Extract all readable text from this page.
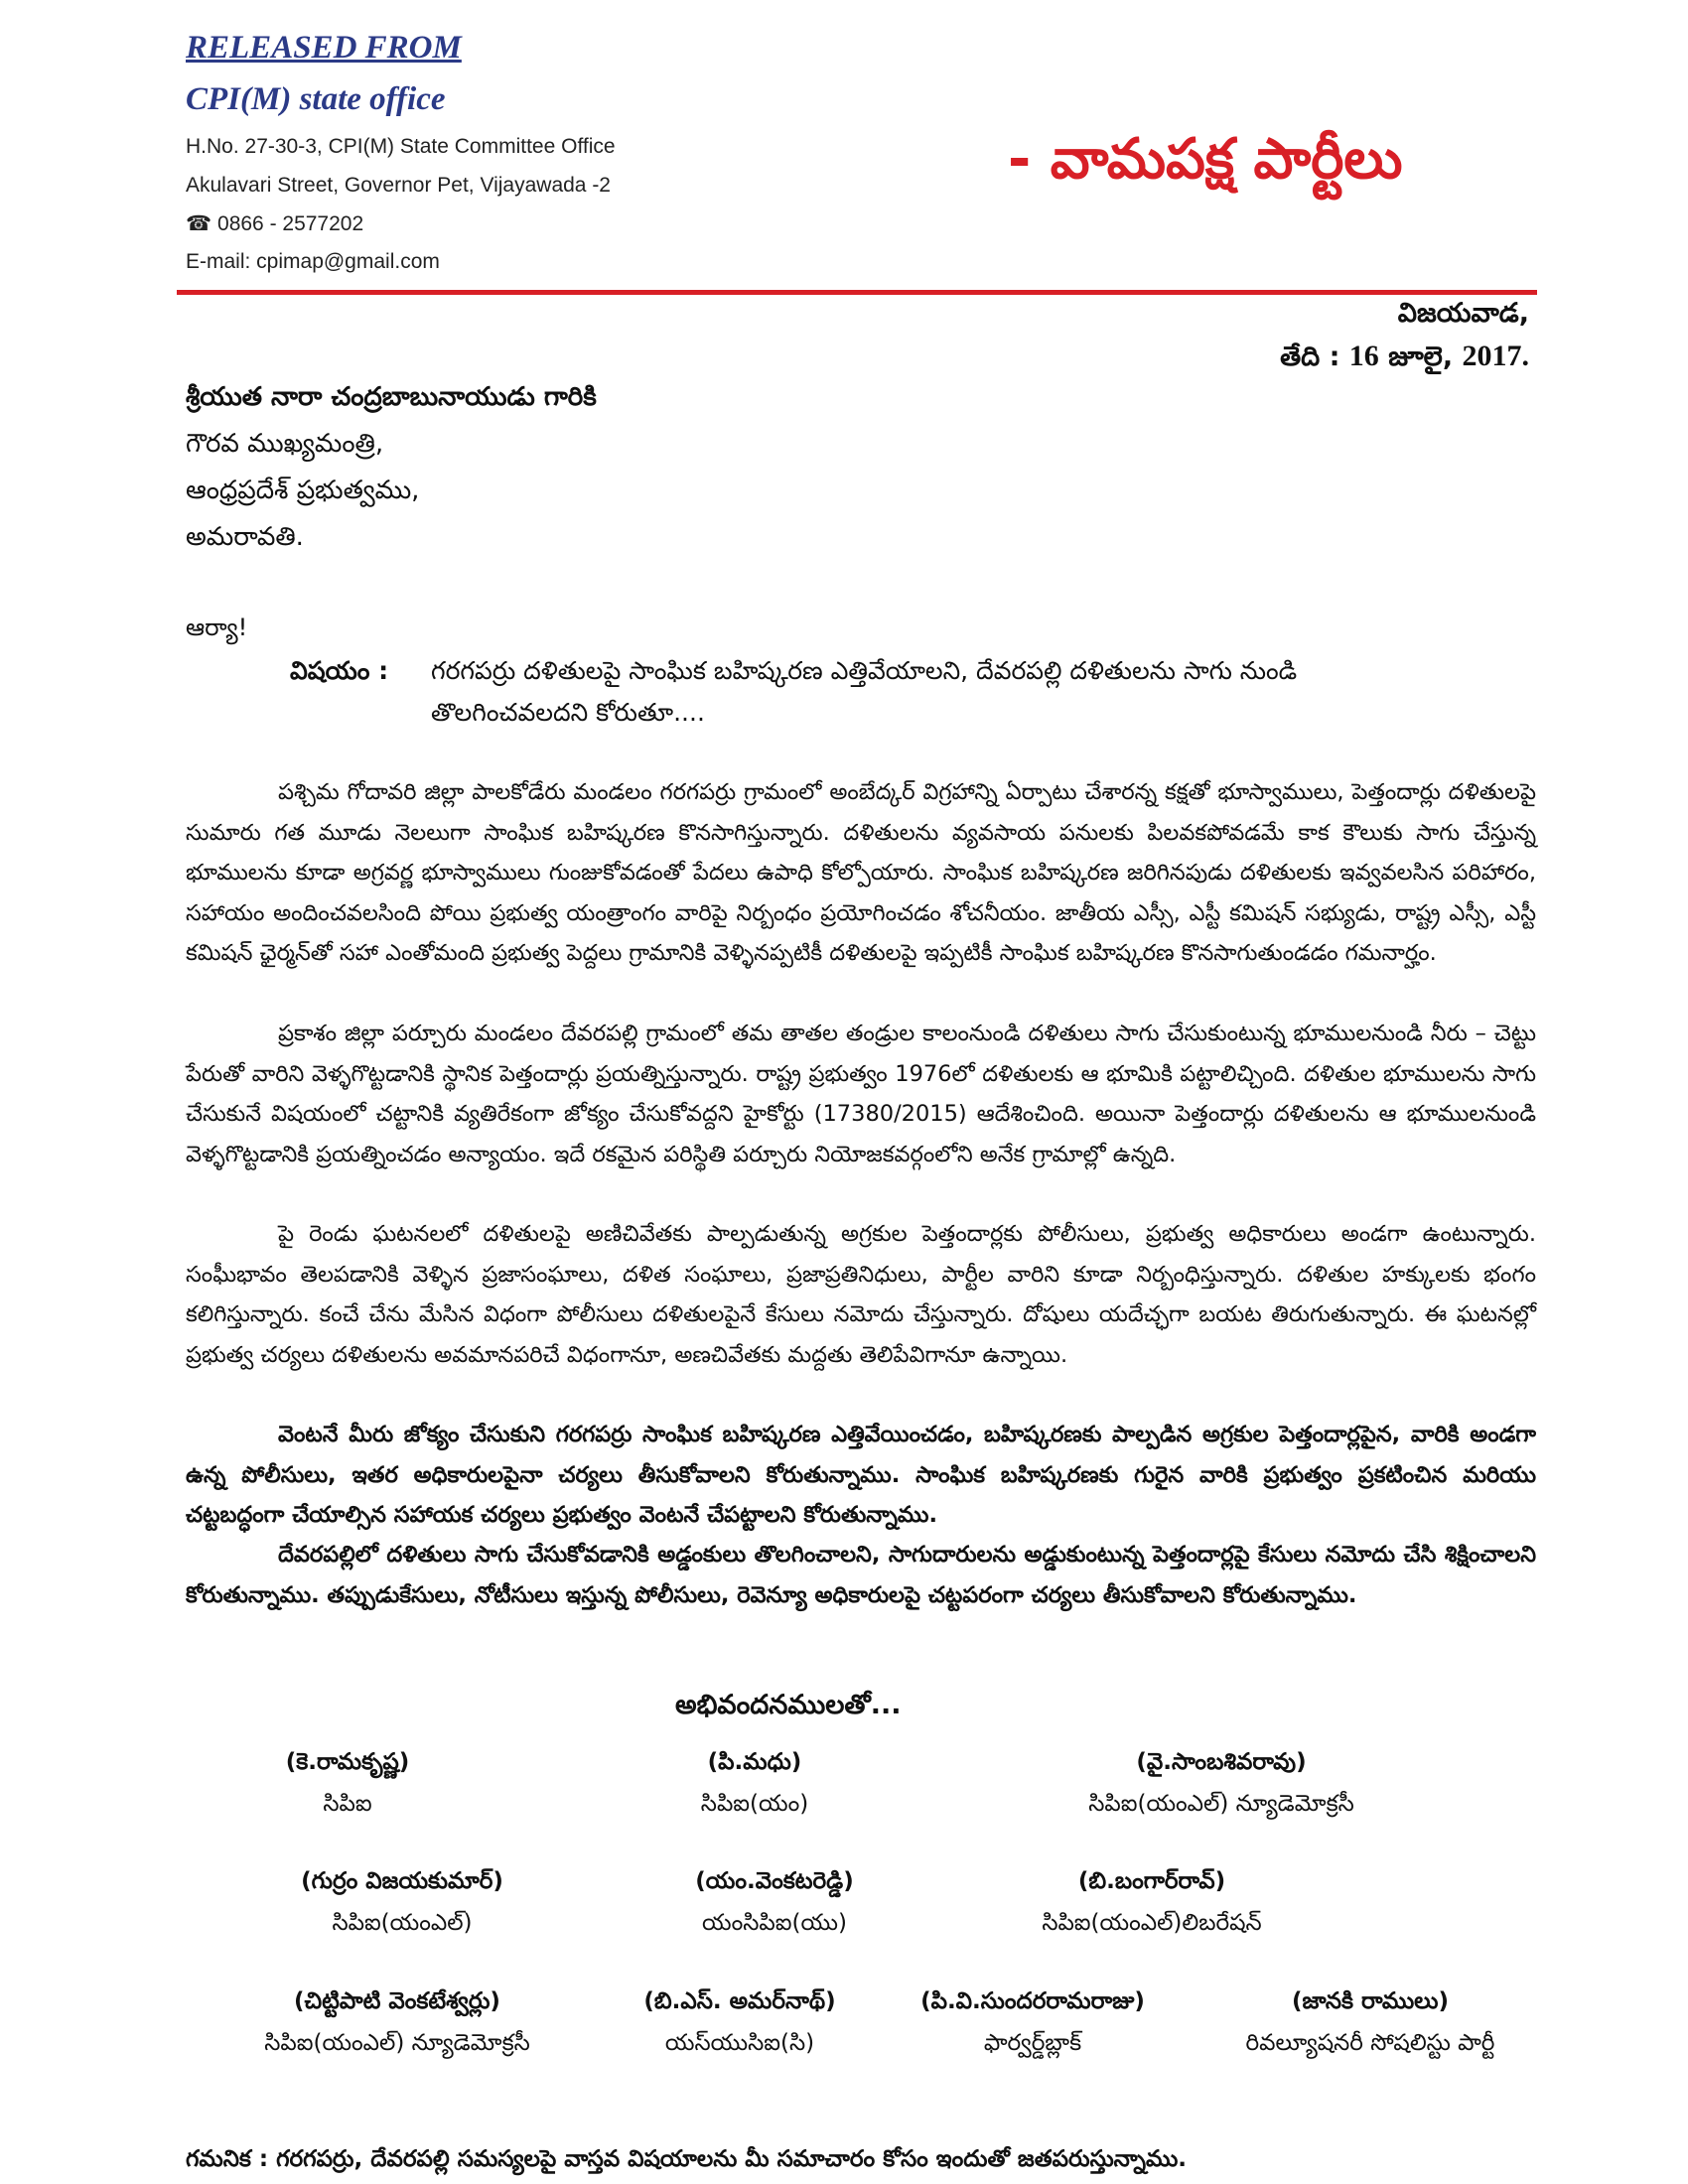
RELEASED FROM
CPI(M) state office
H.No. 27-30-3, CPI(M) State Committee Office
Akulavari Street, Governor Pet, Vijayawada -2
☎ 0866 - 2577202
E-mail: cpimap@gmail.com
- వామపక్ష పార్టీలు
విజయవాడ,
తేది : 16 జూలై, 2017.
శ్రీయుత నారా చంద్రబాబునాయుడు గారికి
గౌరవ ముఖ్యమంత్రి,
ఆంధ్రప్రదేశ్ ప్రభుత్వము,
అమరావతి.
ఆర్యా!
విషయం : గరగపర్రు దళితులపై సాంఘిక బహిష్కరణ ఎత్తివేయాలని, దేవరపల్లి దళితులను సాగు నుండి
తొలగించవలదని కోరుతూ....
పశ్చిమ గోదావరి జిల్లా పాలకోడేరు మండలం గరగపర్రు గ్రామంలో అంబేద్కర్ విగ్రహాన్ని ఏర్పాటు చేశారన్న కక్షతో భూస్వాములు, పెత్తందార్లు దళితులపై సుమారు గత మూడు నెలలుగా సాంఘిక బహిష్కరణ కొనసాగిస్తున్నారు. దళితులను వ్యవసాయ పనులకు పిలవకపోవడమే కాక కౌలుకు సాగు చేస్తున్న భూములను కూడా అగ్రవర్ణ భూస్వాములు గుంజుకోవడంతో పేదలు ఉపాధి కోల్పోయారు. సాంఘిక బహిష్కరణ జరిగినపుడు దళితులకు ఇవ్వవలసిన పరిహారం, సహాయం అందించవలసింది పోయి ప్రభుత్వ యంత్రాంగం వారిపై నిర్బంధం ప్రయోగించడం శోచనీయం. జాతీయ ఎస్సీ, ఎస్టీ కమిషన్ సభ్యుడు, రాష్ట్ర ఎస్సీ, ఎస్టీ కమిషన్ ఛైర్మన్‌తో సహా ఎంతోమంది ప్రభుత్వ పెద్దలు గ్రామానికి వెళ్ళినప్పటికీ దళితులపై ఇప్పటికీ సాంఘిక బహిష్కరణ కొనసాగుతుండడం గమనార్హం.
ప్రకాశం జిల్లా పర్చూరు మండలం దేవరపల్లి గ్రామంలో తమ తాతల తండ్రుల కాలంనుండి దళితులు సాగు చేసుకుంటున్న భూములనుండి నీరు – చెట్టు పేరుతో వారిని వెళ్ళగొట్టడానికి స్థానిక పెత్తందార్లు ప్రయత్నిస్తున్నారు. రాష్ట్ర ప్రభుత్వం 1976లో దళితులకు ఆ భూమికి పట్టాలిచ్చింది. దళితుల భూములను సాగు చేసుకునే విషయంలో చట్టానికి వ్యతిరేకంగా జోక్యం చేసుకోవద్దని హైకోర్టు (17380/2015) ఆదేశించింది. అయినా పెత్తందార్లు దళితులను ఆ భూములనుండి వెళ్ళగొట్టడానికి ప్రయత్నించడం అన్యాయం. ఇదే రకమైన పరిస్థితి పర్చూరు నియోజకవర్గంలోని అనేక గ్రామాల్లో ఉన్నది.
పై రెండు ఘటనలలో దళితులపై అణిచివేతకు పాల్పడుతున్న అగ్రకుల పెత్తందార్లకు పోలీసులు, ప్రభుత్వ అధికారులు అండగా ఉంటున్నారు. సంఘీభావం తెలపడానికి వెళ్ళిన ప్రజాసంఘాలు, దళిత సంఘాలు, ప్రజాప్రతినిధులు, పార్టీల వారిని కూడా నిర్బంధిస్తున్నారు. దళితుల హక్కులకు భంగం కలిగిస్తున్నారు. కంచే చేను మేసిన విధంగా పోలీసులు దళితులపైనే కేసులు నమోదు చేస్తున్నారు. దోషులు యదేచ్ఛగా బయట తిరుగుతున్నారు. ఈ ఘటనల్లో ప్రభుత్వ చర్యలు దళితులను అవమానపరిచే విధంగానూ, అణచివేతకు మద్దతు తెలిపేవిగానూ ఉన్నాయి.
వెంటనే మీరు జోక్యం చేసుకుని గరగపర్రు సాంఘిక బహిష్కరణ ఎత్తివేయించడం, బహిష్కరణకు పాల్పడిన అగ్రకుల పెత్తందార్లపైన, వారికి అండగా ఉన్న పోలీసులు, ఇతర అధికారులపైనా చర్యలు తీసుకోవాలని కోరుతున్నాము. సాంఘిక బహిష్కరణకు గురైన వారికి ప్రభుత్వం ప్రకటించిన మరియు చట్టబద్ధంగా చేయాల్సిన సహాయక చర్యలు ప్రభుత్వం వెంటనే చేపట్టాలని కోరుతున్నాము.
దేవరపల్లిలో దళితులు సాగు చేసుకోవడానికి అడ్డంకులు తొలగించాలని, సాగుదారులను అడ్డుకుంటున్న పెత్తందార్లపై కేసులు నమోదు చేసి శిక్షించాలని కోరుతున్నాము. తప్పుడుకేసులు, నోటీసులు ఇస్తున్న పోలీసులు, రెవెన్యూ అధికారులపై చట్టపరంగా చర్యలు తీసుకోవాలని కోరుతున్నాము.
అభివందనములతో...
(కె.రామకృష్ణ)
సిపిఐ
(పి.మధు)
సిపిఐ(యం)
(వై.సాంబశివరావు)
సిపిఐ(యంఎల్) న్యూడెమోక్రసీ
(గుర్రం విజయకుమార్)
సిపిఐ(యంఎల్)
(యం.వెంకటరెడ్డి)
యంసిపిఐ(యు)
(బి.బంగార్‌రావ్)
సిపిఐ(యంఎల్)లిబరేషన్
(చిట్టిపాటి వెంకటేశ్వర్లు)
సిపిఐ(యంఎల్) న్యూడెమోక్రసీ
(బి.ఎస్. అమర్‌నాథ్)
యస్‌యుసిఐ(సి)
(పి.వి.సుందరరామరాజు)
ఫార్వర్డ్‌బ్లాక్
(జానకి రాములు)
రివల్యూషనరీ సోషలిస్టు పార్టీ
గమనిక : గరగపర్రు, దేవరపల్లి సమస్యలపై వాస్తవ విషయాలను మీ సమాచారం కోసం ఇందుతో జతపరుస్తున్నాము.
